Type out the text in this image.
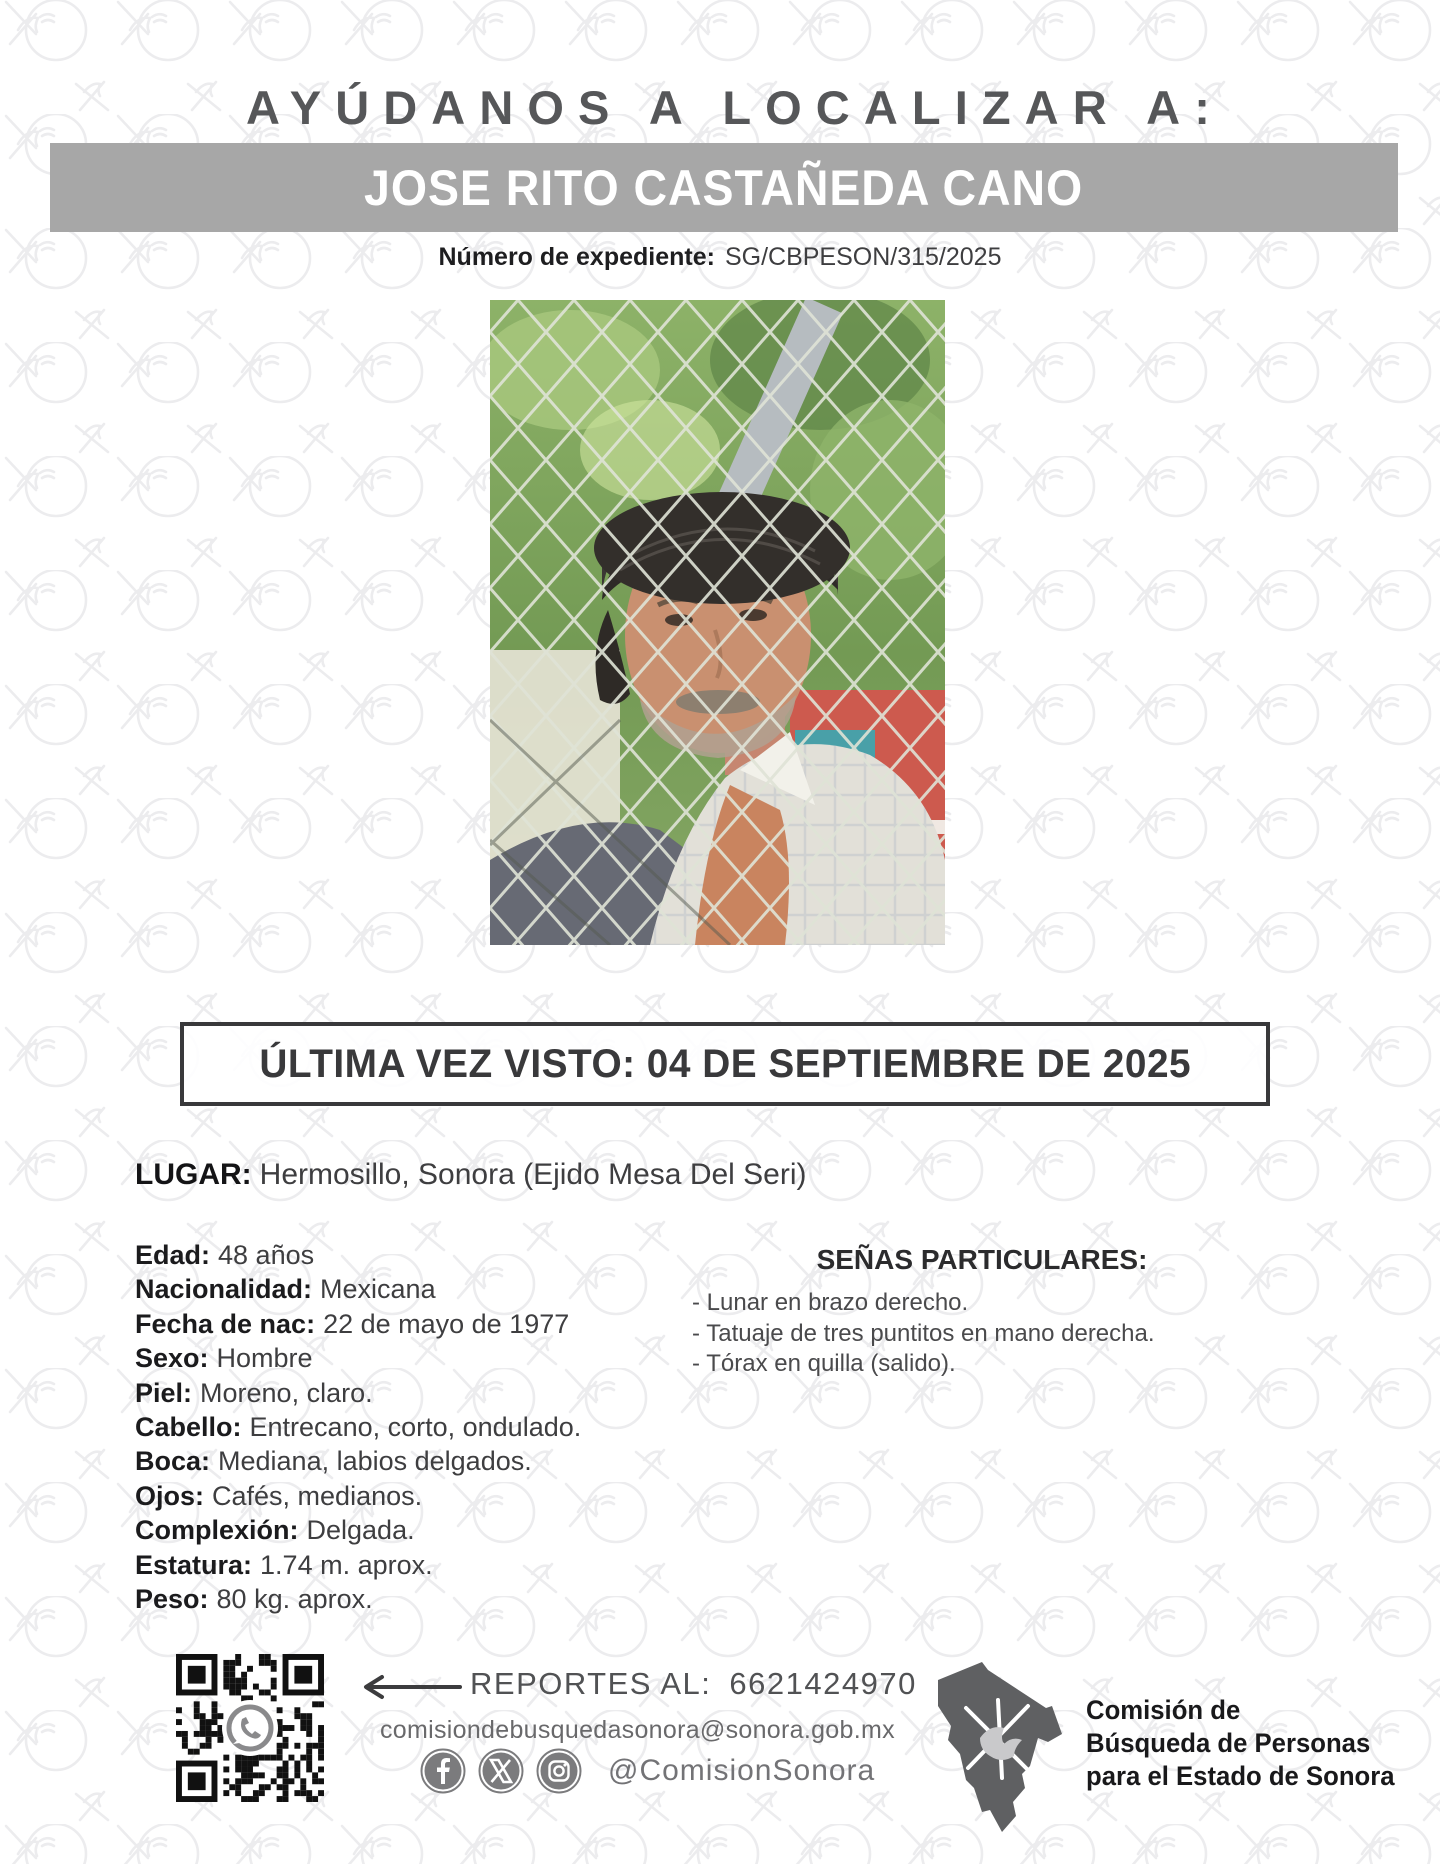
AYÚDANOS A LOCALIZAR A:
JOSE RITO CASTAÑEDA CANO
Número de expediente: SG/CBPESON/315/2025
ÚLTIMA VEZ VISTO: 04 DE SEPTIEMBRE DE 2025
LUGAR: Hermosillo, Sonora (Ejido Mesa Del Seri)
Edad: 48 años
Nacionalidad: Mexicana
Fecha de nac: 22 de mayo de 1977
Sexo: Hombre
Piel: Moreno, claro.
Cabello: Entrecano, corto, ondulado.
Boca: Mediana, labios delgados.
Ojos: Cafés, medianos.
Complexión: Delgada.
Estatura: 1.74 m. aprox.
Peso: 80 kg. aprox.
SEÑAS PARTICULARES:
- Lunar en brazo derecho.
- Tatuaje de tres puntitos en mano derecha.
- Tórax en quilla (salido).
REPORTES AL: 6621424970
comisiondebusquedasonora@sonora.gob.mx
@ComisionSonora
Comisión de
Búsqueda de Personas
para el Estado de Sonora
